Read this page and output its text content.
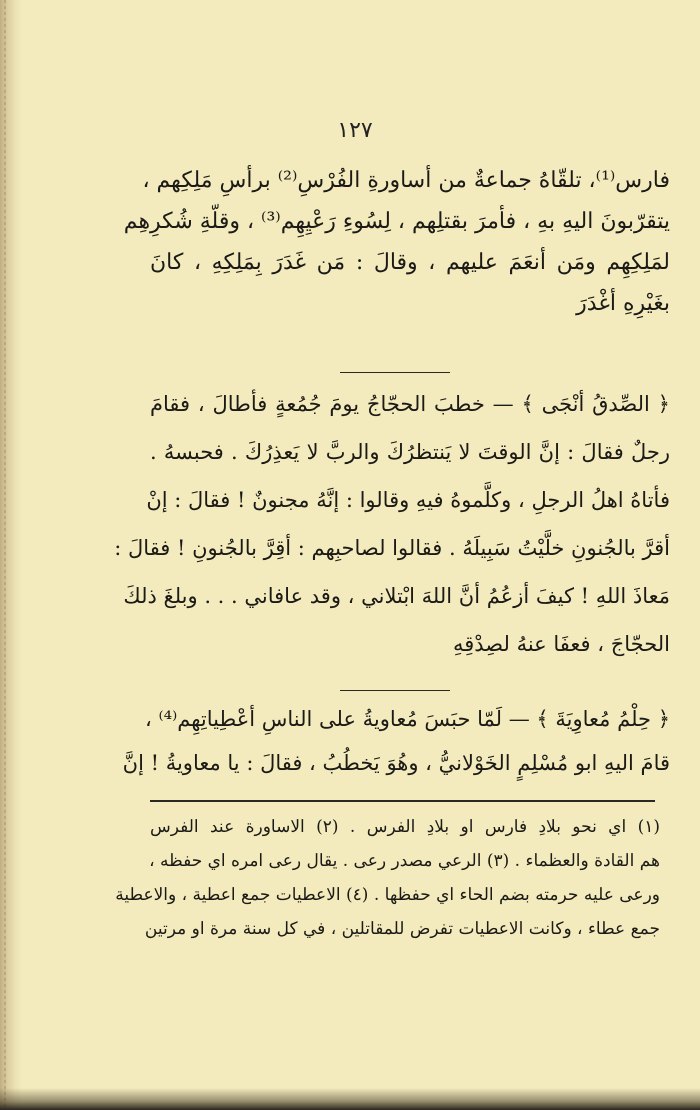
١٢٧
فارس⁽¹⁾، تلقّاهُ جماعةٌ من أساورةِ الفُرْسِ⁽²⁾ برأسِ مَلِكِهم ،
يتقرّبونَ اليهِ بهِ ، فأمرَ بقتلِهم ، لِسُوءِ رَعْيِهِم⁽³⁾ ، وقلّةِ شُكرِهِم
لمَلِكِهِم ومَن أنعَمَ عليهم ، وقالَ : مَن غَدَرَ بِمَلِكِهِ ، كانَ
بغَيْرِهِ أغْدَرَ
﴿ الصِّدقُ أنْجَى ﴾ — خطبَ الحجّاجُ يومَ جُمُعةٍ فأطالَ ، فقامَ
رجلٌ فقالَ : إنَّ الوقتَ لا يَنتظرُكَ والربَّ لا يَعذِرُكَ . فحبسهُ .
فأتاهُ اهلُ الرجلِ ، وكلَّموهُ فيهِ وقالوا : إنَّهُ مجنونٌ ! فقالَ : إنْ
أقرَّ بالجُنونِ خلَّيْتُ سَبِيلَهُ . فقالوا لصاحبِهم : أقِرَّ بالجُنونِ ! فقالَ :
مَعاذَ اللهِ ! كيفَ أزعُمُ أنَّ اللهَ ابْتلاني ، وقد عافاني . . . وبلغَ ذلكَ
الحجّاجَ ، فعفَا عنهُ لصِدْقِهِ
﴿ حِلْمُ مُعاوِيَةَ ﴾ — لَمّا حبَسَ مُعاويةُ على الناسِ أعْطِياتِهِم⁽⁴⁾ ،
قامَ اليهِ ابو مُسْلِمٍ الخَوْلانيُّ ، وهُوَ يَخطُبُ ، فقالَ : يا معاويةُ ! إنَّ
(١) اي نحو بلادِ فارس او بلادِ الفرس . (٢) الاساورة عند الفرس
هم القادة والعظماء . (٣) الرعي مصدر رعى . يقال رعى امره اي حفظه ،
ورعى عليه حرمته بضم الحاء اي حفظها . (٤) الاعطيات جمع اعطية ، والاعطية
جمع عطاء ، وكانت الاعطيات تفرض للمقاتلين ، في كل سنة مرة او مرتين
